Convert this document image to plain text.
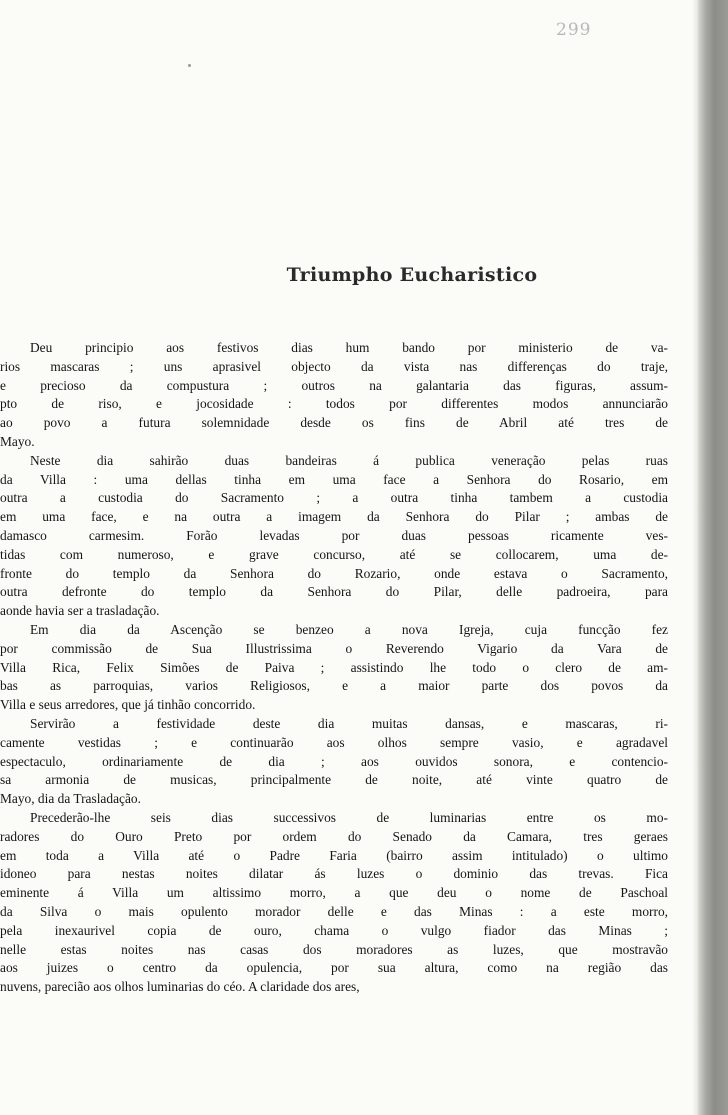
299
Triumpho Eucharistico
Deu principio aos festivos dias hum bando por ministerio de va-
rios mascaras ; uns aprasivel objecto da vista nas differenças do traje,
e precioso da compustura ; outros na galantaria das figuras, assum-
pto de riso, e jocosidade : todos por differentes modos annunciarão
ao povo a futura solemnidade desde os fins de Abril até tres de
Mayo.
Neste dia sahirão duas bandeiras á publica veneração pelas ruas
da Villa : uma dellas tinha em uma face a Senhora do Rosario, em
outra a custodia do Sacramento ; a outra tinha tambem a custodia
em uma face, e na outra a imagem da Senhora do Pilar ; ambas de
damasco carmesim. Forão levadas por duas pessoas ricamente ves-
tidas com numeroso, e grave concurso, até se collocarem, uma de-
fronte do templo da Senhora do Rozario, onde estava o Sacramento,
outra defronte do templo da Senhora do Pilar, delle padroeira, para
aonde havia ser a trasladação.
Em dia da Ascenção se benzeo a nova Igreja, cuja funcção fez
por commissão de Sua Illustrissima o Reverendo Vigario da Vara de
Villa Rica, Felix Simões de Paiva ; assistindo lhe todo o clero de am-
bas as parroquias, varios Religiosos, e a maior parte dos povos da
Villa e seus arredores, que já tinhão concorrido.
Servirão a festividade deste dia muitas dansas, e mascaras, ri-
camente vestidas ; e continuarão aos olhos sempre vasio, e agradavel
espectaculo, ordinariamente de dia ; aos ouvidos sonora, e contencio-
sa armonia de musicas, principalmente de noite, até vinte quatro de
Mayo, dia da Trasladação.
Precederão-lhe seis dias successivos de luminarias entre os mo-
radores do Ouro Preto por ordem do Senado da Camara, tres geraes
em toda a Villa até o Padre Faria (bairro assim intitulado) o ultimo
idoneo para nestas noites dilatar ás luzes o dominio das trevas. Fica
eminente á Villa um altissimo morro, a que deu o nome de Paschoal
da Silva o mais opulento morador delle e das Minas : a este morro,
pela inexaurivel copia de ouro, chama o vulgo fiador das Minas ;
nelle estas noites nas casas dos moradores as luzes, que mostravão
aos juizes o centro da opulencia, por sua altura, como na região das
nuvens, parecião aos olhos luminarias do céo. A claridade dos ares,
